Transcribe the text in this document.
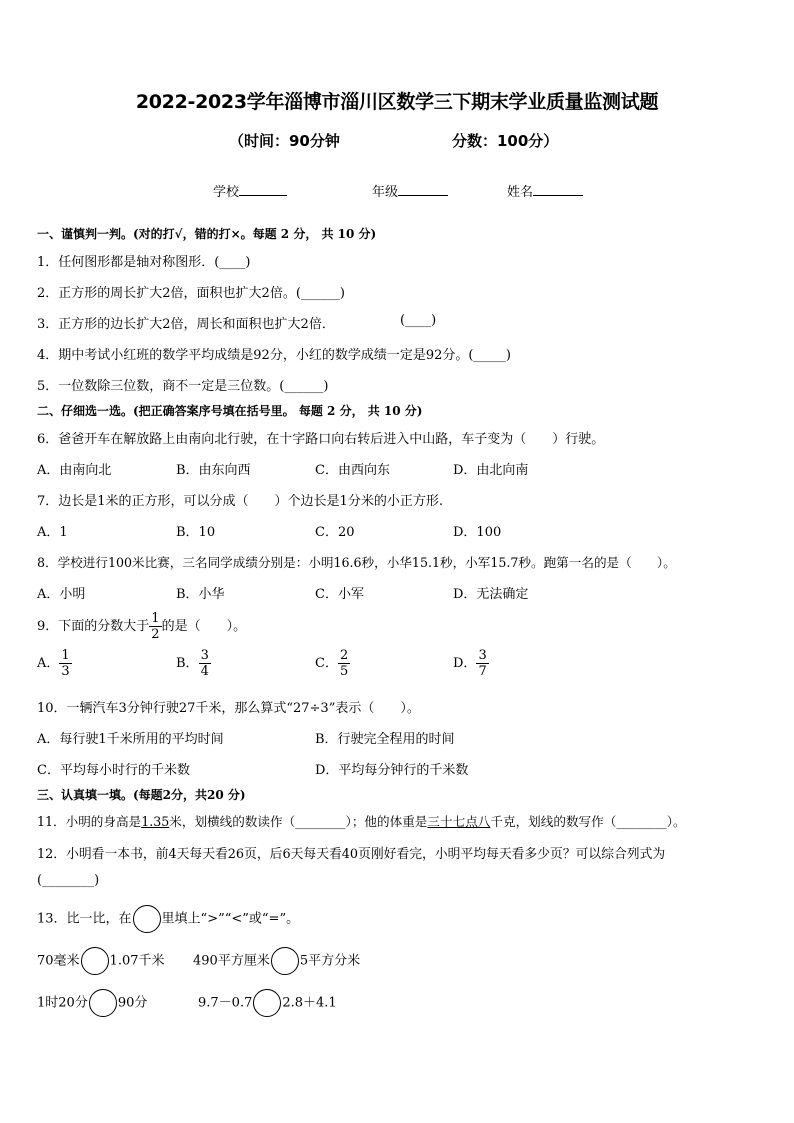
2022-2023学年淄博市淄川区数学三下期末学业质量监测试题
（时间：90分钟	分数：100分）
学校	年级	姓名
一、谨慎判一判。(对的打√，错的打×。每题 2 分， 共 10 分)
1．任何图形都是轴对称图形．(____)
2．正方形的周长扩大2倍，面积也扩大2倍。(______)
3．正方形的边长扩大2倍，周长和面积也扩大2倍．	(____)
4．期中考试小红班的数学平均成绩是92分，小红的数学成绩一定是92分。(_____)
5．一位数除三位数，商不一定是三位数。(______)
二、仔细选一选。(把正确答案序号填在括号里。 每题 2 分， 共 10 分)
6．爸爸开车在解放路上由南向北行驶，在十字路口向右转后进入中山路，车子变为（　　）行驶。
A．由南向北	B．由东向西	C．由西向东	D．由北向南
7．边长是1米的正方形，可以分成（　　）个边长是1分米的小正方形.
A．1	B．10	C．20	D．100
8．学校进行100米比赛，三名同学成绩分别是：小明16.6秒，小华15.1秒，小军15.7秒。跑第一名的是（　　）。
A．小明	B．小华	C．小军	D．无法确定
9．下面的分数大于 $\frac{1}{2}$ 的是（　　）。
A． $\frac{1}{3}$	B． $\frac{3}{4}$	C． $\frac{2}{5}$	D． $\frac{3}{7}$
10．一辆汽车3分钟行驶27千米，那么算式“27÷3”表示（　　）。
A．每行驶1千米所用的平均时间	B．行驶完全程用的时间
C．平均每小时行的千米数	D．平均每分钟行的千米数
三、认真填一填。(每题2分，共20 分)
11．小明的身高是1.35米，划横线的数读作（________）；他的体重是三十七点八千克，划线的数写作（________）。
12．小明看一本书，前4天每天看26页，后6天每天看40页刚好看完，小明平均每天看多少页？可以综合列式为
(________)
13．比一比，在 里填上“>”“<”或“=”。
70毫米 1.07千米 490平方厘米 5平方分米
1时20分 90分	9.7－0.7 2.8＋4.1
